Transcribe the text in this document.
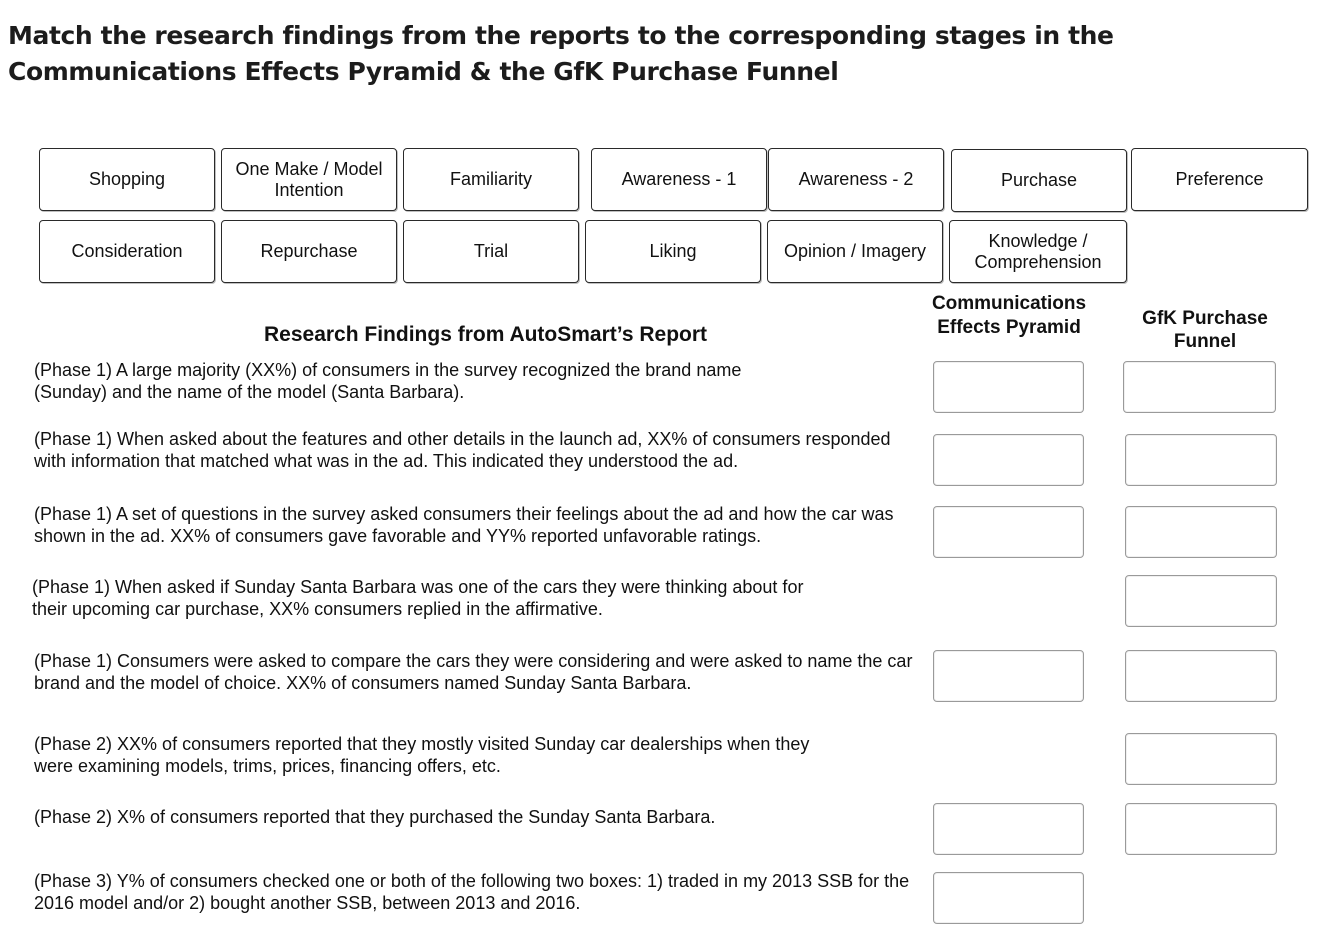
Match the research findings from the reports to the corresponding stages in the Communications Effects Pyramid & the GfK Purchase Funnel
Shopping
One Make / Model Intention
Familiarity	Awareness - 1	Awareness - 2	Purchase	Preference
Consideration	Repurchase	Trial	Liking	Opinion / Imagery
Knowledge / Comprehension
Research Findings from AutoSmart’s Report
Communications Effects Pyramid	GfK Purchase Funnel
(Phase 1) A large majority (XX%) of consumers in the survey recognized the brand name (Sunday) and the name of the model (Santa Barbara).
(Phase 1) When asked about the features and other details in the launch ad, XX% of consumers responded with information that matched what was in the ad. This indicated they understood the ad.
(Phase 1) A set of questions in the survey asked consumers their feelings about the ad and how the car was shown in the ad. XX% of consumers gave favorable and YY% reported unfavorable ratings.
(Phase 1) When asked if Sunday Santa Barbara was one of the cars they were thinking about for their upcoming car purchase, XX% consumers replied in the affirmative.
(Phase 1) Consumers were asked to compare the cars they were considering and were asked to name the car brand and the model of choice. XX% of consumers named Sunday Santa Barbara.
(Phase 2) XX% of consumers reported that they mostly visited Sunday car dealerships when they were examining models, trims, prices, financing offers, etc.
(Phase 2) X% of consumers reported that they purchased the Sunday Santa Barbara.
(Phase 3) Y% of consumers checked one or both of the following two boxes: 1) traded in my 2013 SSB for the 2016 model and/or 2) bought another SSB, between 2013 and 2016.
